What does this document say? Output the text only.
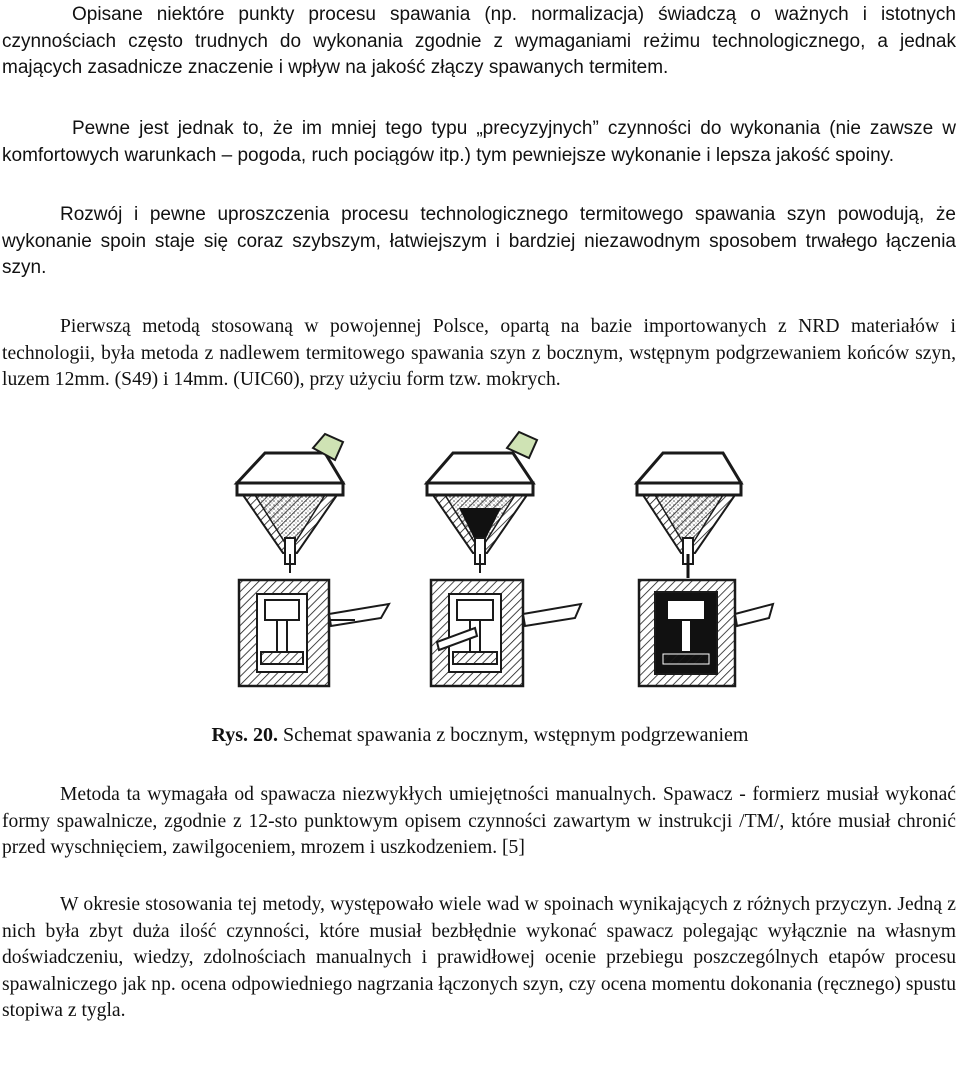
Opisane niektóre punkty procesu spawania (np. normalizacja) świadczą o ważnych i istotnych czynnościach często trudnych do wykonania zgodnie z wymaganiami reżimu technologicznego, a jednak mających zasadnicze znaczenie i wpływ na jakość złączy spawanych termitem.

Pewne jest jednak to, że im mniej tego typu „precyzyjnych” czynności do wykonania (nie zawsze w komfortowych warunkach – pogoda, ruch pociągów itp.) tym pewniejsze wykonanie i lepsza jakość spoiny.

Rozwój i pewne uproszczenia procesu technologicznego termitowego spawania szyn powodują, że wykonanie spoin staje się coraz szybszym, łatwiejszym i bardziej niezawodnym sposobem trwałego łączenia szyn.

Pierwszą metodą stosowaną w powojennej Polsce, opartą na bazie importowanych z NRD materiałów i technologii, była metoda z nadlewem termitowego spawania szyn z bocznym, wstępnym podgrzewaniem końców szyn, luzem 12mm. (S49) i 14mm. (UIC60), przy użyciu form tzw. mokrych.

Rys. 20. Schemat spawania z bocznym, wstępnym podgrzewaniem

Metoda ta wymagała od spawacza niezwykłych umiejętności manualnych. Spawacz - formierz musiał wykonać formy spawalnicze, zgodnie z 12-sto punktowym opisem czynności zawartym w instrukcji /TM/, które musiał chronić przed wyschnięciem, zawilgoceniem, mrozem i uszkodzeniem. [5]

W okresie stosowania tej metody, występowało wiele wad w spoinach wynikających z różnych przyczyn. Jedną z nich była zbyt duża ilość czynności, które musiał bezbłędnie wykonać spawacz polegając wyłącznie na własnym doświadczeniu, wiedzy, zdolnościach manualnych i prawidłowej ocenie przebiegu poszczególnych etapów procesu spawalniczego jak np. ocena odpowiedniego nagrzania łączonych szyn, czy ocena momentu dokonania (ręcznego) spustu stopiwa z tygla.
